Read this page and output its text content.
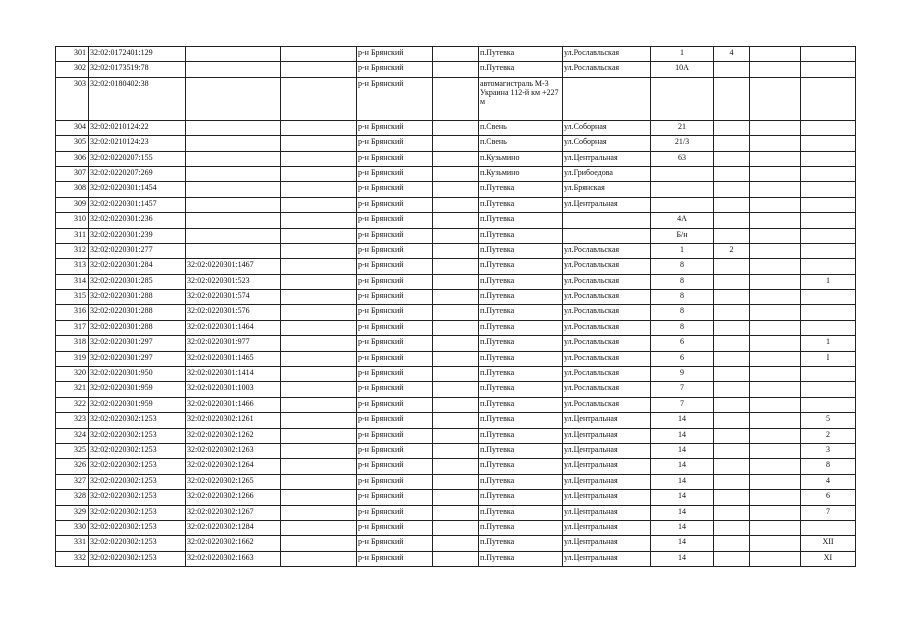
301	32:02:0172401:129			р-н Брянский		п.Путевка	ул.Рославльская	1	4		
302	32:02:0173519:78			р-н Брянский		п.Путевка	ул.Рославльская	10А			
303	32:02:0180402:38			р-н Брянский		автомагистраль М-3 Украина 112-й км +227 м					
304	32:02:0210124:22			р-н Брянский		п.Свень	ул.Соборная	21			
305	32:02:0210124:23			р-н Брянский		п.Свень	ул.Соборная	21/3			
306	32:02:0220207:155			р-н Брянский		п.Кузьмино	ул.Центральная	63			
307	32:02:0220207:269			р-н Брянский		п.Кузьмино	ул.Грибоедова				
308	32:02:0220301:1454			р-н Брянский		п.Путевка	ул.Брянская				
309	32:02:0220301:1457			р-н Брянский		п.Путевка	ул.Центральная				
310	32:02:0220301:236			р-н Брянский		п.Путевка		4А			
311	32:02:0220301:239			р-н Брянский		п.Путевка		Б/н			
312	32:02:0220301:277			р-н Брянский		п.Путевка	ул.Рославльская	1	2		
313	32:02:0220301:284	32:02:0220301:1467		р-н Брянский		п.Путевка	ул.Рославльская	8			
314	32:02:0220301:285	32:02:0220301:523		р-н Брянский		п.Путевка	ул.Рославльская	8			1
315	32:02:0220301:288	32:02:0220301:574		р-н Брянский		п.Путевка	ул.Рославльская	8			
316	32:02:0220301:288	32:02:0220301:576		р-н Брянский		п.Путевка	ул.Рославльская	8			
317	32:02:0220301:288	32:02:0220301:1464		р-н Брянский		п.Путевка	ул.Рославльская	8			
318	32:02:0220301:297	32:02:0220301:977		р-н Брянский		п.Путевка	ул.Рославльская	6			1
319	32:02:0220301:297	32:02:0220301:1465		р-н Брянский		п.Путевка	ул.Рославльская	6			I
320	32:02:0220301:950	32:02:0220301:1414		р-н Брянский		п.Путевка	ул.Рославльская	9			
321	32:02:0220301:959	32:02:0220301:1003		р-н Брянский		п.Путевка	ул.Рославльская	7			
322	32:02:0220301:959	32:02:0220301:1466		р-н Брянский		п.Путевка	ул.Рославльская	7			
323	32:02:0220302:1253	32:02:0220302:1261		р-н Брянский		п.Путевка	ул.Центральная	14			5
324	32:02:0220302:1253	32:02:0220302:1262		р-н Брянский		п.Путевка	ул.Центральная	14			2
325	32:02:0220302:1253	32:02:0220302:1263		р-н Брянский		п.Путевка	ул.Центральная	14			3
326	32:02:0220302:1253	32:02:0220302:1264		р-н Брянский		п.Путевка	ул.Центральная	14			8
327	32:02:0220302:1253	32:02:0220302:1265		р-н Брянский		п.Путевка	ул.Центральная	14			4
328	32:02:0220302:1253	32:02:0220302:1266		р-н Брянский		п.Путевка	ул.Центральная	14			6
329	32:02:0220302:1253	32:02:0220302:1267		р-н Брянский		п.Путевка	ул.Центральная	14			7
330	32:02:0220302:1253	32:02:0220302:1284		р-н Брянский		п.Путевка	ул.Центральная	14			
331	32:02:0220302:1253	32:02:0220302:1662		р-н Брянский		п.Путевка	ул.Центральная	14			XII
332	32:02:0220302:1253	32:02:0220302:1663		р-н Брянский		п.Путевка	ул.Центральная	14			XI
